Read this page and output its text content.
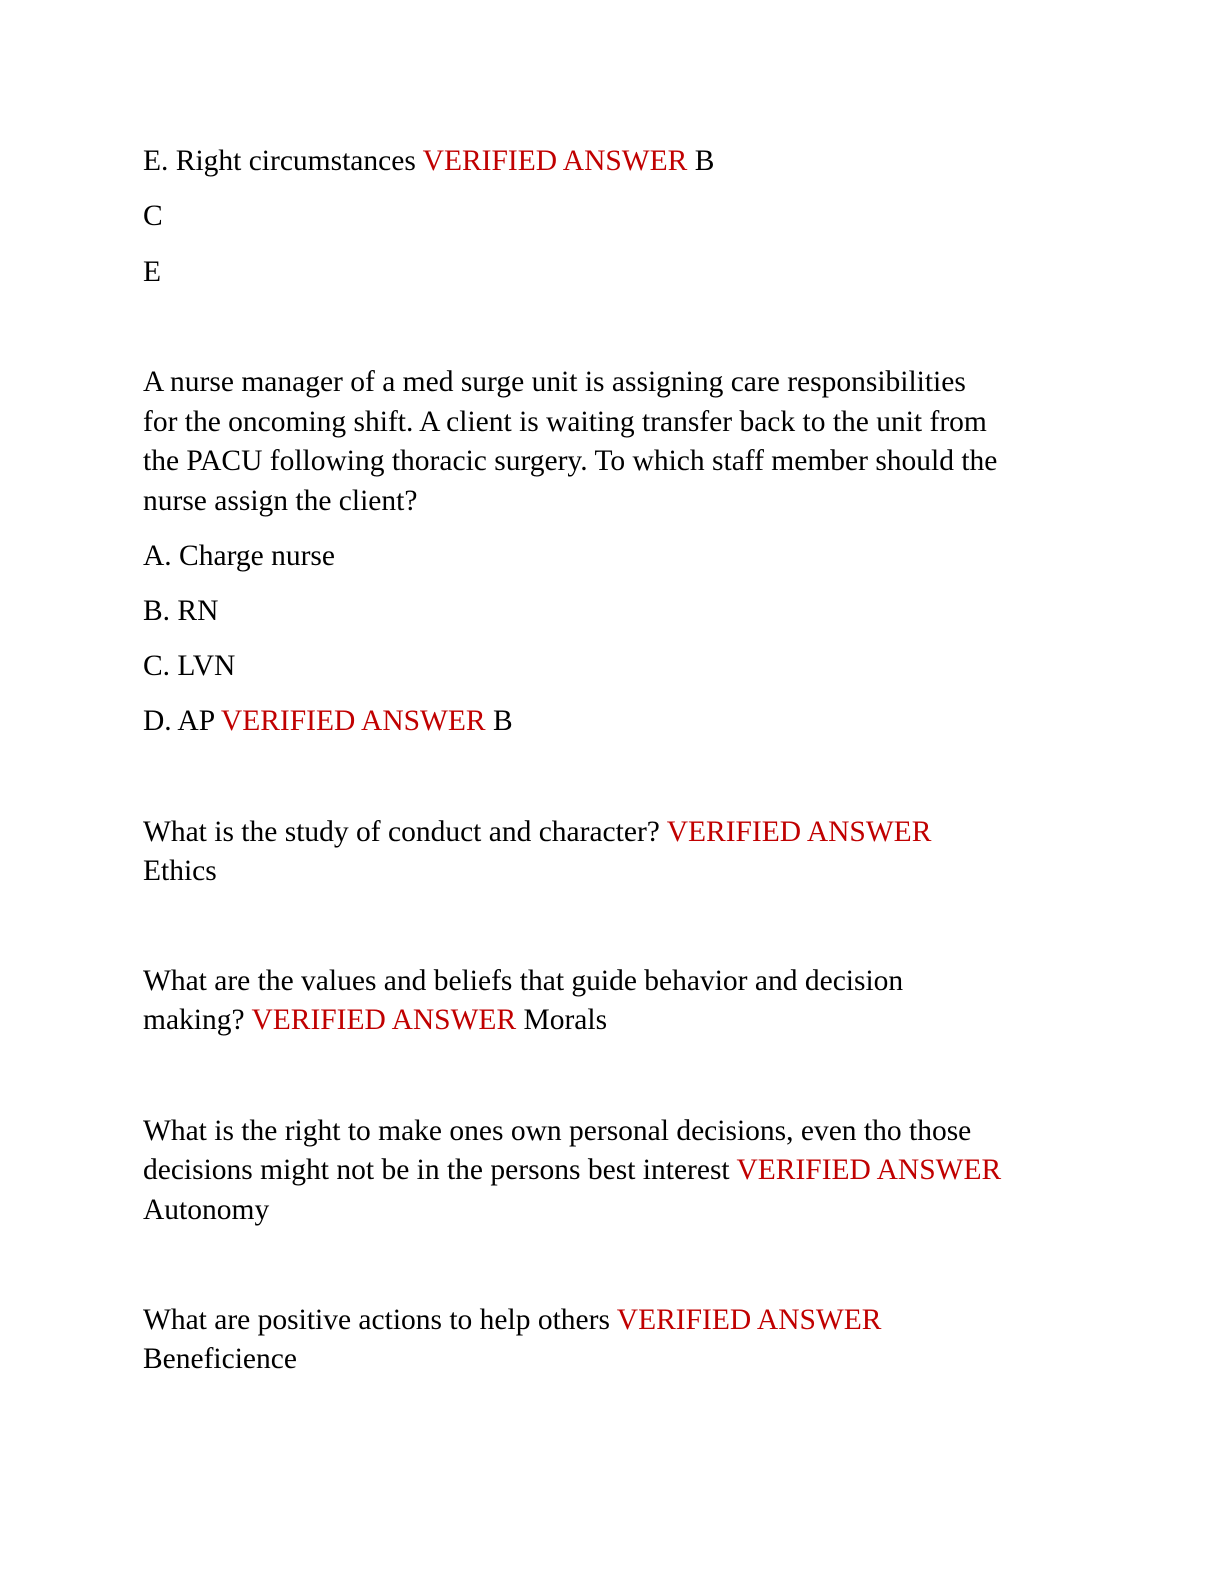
E. Right circumstances VERIFIED ANSWER B
C
E
A nurse manager of a med surge unit is assigning care responsibilities
for the oncoming shift. A client is waiting transfer back to the unit from
the PACU following thoracic surgery. To which staff member should the
nurse assign the client?
A. Charge nurse
B. RN
C. LVN
D. AP VERIFIED ANSWER B
What is the study of conduct and character? VERIFIED ANSWER
Ethics
What are the values and beliefs that guide behavior and decision
making? VERIFIED ANSWER Morals
What is the right to make ones own personal decisions, even tho those
decisions might not be in the persons best interest VERIFIED ANSWER
Autonomy
What are positive actions to help others VERIFIED ANSWER
Beneficience
